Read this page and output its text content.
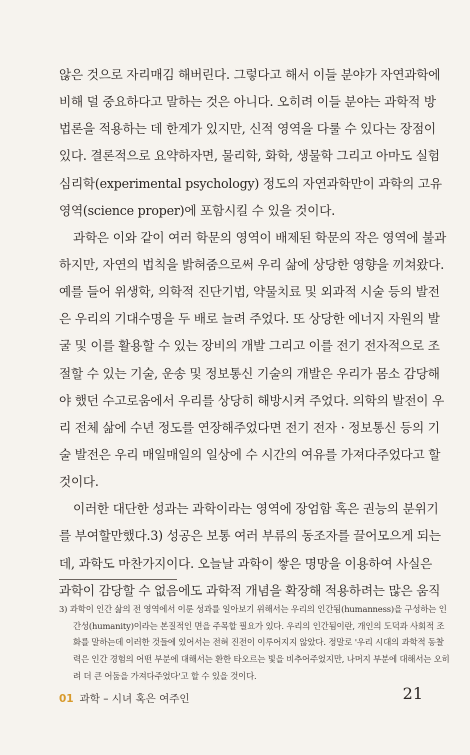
않은 것으로 자리매김 해버린다. 그렇다고 해서 이들 분야가 자연과학에
비해 덜 중요하다고 말하는 것은 아니다. 오히려 이들 분야는 과학적 방
법론을 적용하는 데 한계가 있지만, 신적 영역을 다룰 수 있다는 장점이
있다. 결론적으로 요약하자면, 물리학, 화학, 생물학 그리고 아마도 실험
심리학(experimental psychology) 정도의 자연과학만이 과학의 고유
영역(science proper)에 포함시킬 수 있을 것이다.
과학은 이와 같이 여러 학문의 영역이 배제된 학문의 작은 영역에 불과
하지만, 자연의 법칙을 밝혀줌으로써 우리 삶에 상당한 영향을 끼쳐왔다.
예를 들어 위생학, 의학적 진단기법, 약물치료 및 외과적 시술 등의 발전
은 우리의 기대수명을 두 배로 늘려 주었다. 또 상당한 에너지 자원의 발
굴 및 이를 활용할 수 있는 장비의 개발 그리고 이를 전기 전자적으로 조
절할 수 있는 기술, 운송 및 정보통신 기술의 개발은 우리가 몸소 감당해
야 했던 수고로움에서 우리를 상당히 해방시켜 주었다. 의학의 발전이 우
리 전체 삶에 수년 정도를 연장해주었다면 전기 전자 · 정보통신 등의 기
술 발전은 우리 매일매일의 일상에 수 시간의 여유를 가져다주었다고 할
것이다.
이러한 대단한 성과는 과학이라는 영역에 장엄함 혹은 권능의 분위기
를 부여할만했다.3) 성공은 보통 여러 부류의 동조자를 끌어모으게 되는
데, 과학도 마찬가지이다. 오늘날 과학이 쌓은 명망을 이용하여 사실은
과학이 감당할 수 없음에도 과학적 개념을 확장해 적용하려는 많은 움직
3) 과학이 인간 삶의 전 영역에서 이룬 성과를 일아보기 위해서는 우리의 인간됨(humanness)을 구성하는 인
간성(humanity)이라는 본질적인 면을 주목할 필요가 있다. 우리의 인간됨이란, 개인의 도덕과 사회적 조
화를 말하는데 이러한 것들에 있어서는 전혀 진전이 이루어지지 않았다. 정말로 '우리 시대의 과학적 동찰
력은 인간 경험의 어떤 부분에 대해서는 환한 타오르는 빛을 비추어주었지만, 나머지 부분에 대해서는 오히
려 더 큰 어둠을 가져다주었다'고 할 수 있을 것이다.
01 과학 – 시녀 혹은 여주인	21
